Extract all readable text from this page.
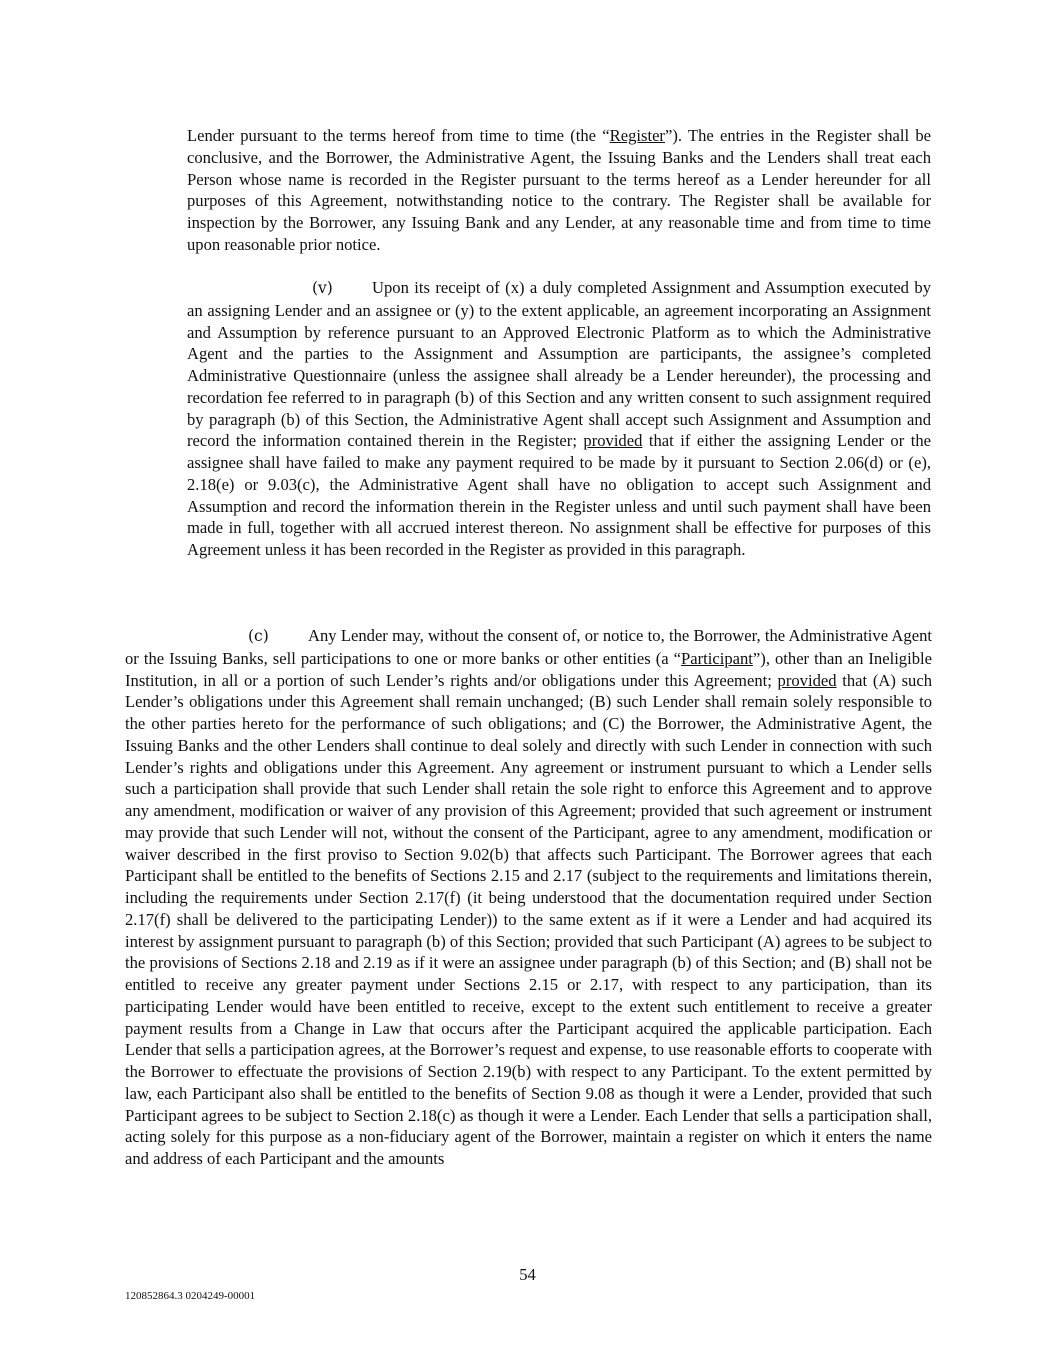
Lender pursuant to the terms hereof from time to time (the “Register”). The entries in the Register shall be conclusive, and the Borrower, the Administrative Agent, the Issuing Banks and the Lenders shall treat each Person whose name is recorded in the Register pursuant to the terms hereof as a Lender hereunder for all purposes of this Agreement, notwithstanding notice to the contrary. The Register shall be available for inspection by the Borrower, any Issuing Bank and any Lender, at any reasonable time and from time to time upon reasonable prior notice.

(v) Upon its receipt of (x) a duly completed Assignment and Assumption executed by an assigning Lender and an assignee or (y) to the extent applicable, an agreement incorporating an Assignment and Assumption by reference pursuant to an Approved Electronic Platform as to which the Administrative Agent and the parties to the Assignment and Assumption are participants, the assignee’s completed Administrative Questionnaire (unless the assignee shall already be a Lender hereunder), the processing and recordation fee referred to in paragraph (b) of this Section and any written consent to such assignment required by paragraph (b) of this Section, the Administrative Agent shall accept such Assignment and Assumption and record the information contained therein in the Register; provided that if either the assigning Lender or the assignee shall have failed to make any payment required to be made by it pursuant to Section 2.06(d) or (e), 2.18(e) or 9.03(c), the Administrative Agent shall have no obligation to accept such Assignment and Assumption and record the information therein in the Register unless and until such payment shall have been made in full, together with all accrued interest thereon. No assignment shall be effective for purposes of this Agreement unless it has been recorded in the Register as provided in this paragraph.

(c) Any Lender may, without the consent of, or notice to, the Borrower, the Administrative Agent or the Issuing Banks, sell participations to one or more banks or other entities (a “Participant”), other than an Ineligible Institution, in all or a portion of such Lender’s rights and/or obligations under this Agreement; provided that (A) such Lender’s obligations under this Agreement shall remain unchanged; (B) such Lender shall remain solely responsible to the other parties hereto for the performance of such obligations; and (C) the Borrower, the Administrative Agent, the Issuing Banks and the other Lenders shall continue to deal solely and directly with such Lender in connection with such Lender’s rights and obligations under this Agreement. Any agreement or instrument pursuant to which a Lender sells such a participation shall provide that such Lender shall retain the sole right to enforce this Agreement and to approve any amendment, modification or waiver of any provision of this Agreement; provided that such agreement or instrument may provide that such Lender will not, without the consent of the Participant, agree to any amendment, modification or waiver described in the first proviso to Section 9.02(b) that affects such Participant. The Borrower agrees that each Participant shall be entitled to the benefits of Sections 2.15 and 2.17 (subject to the requirements and limitations therein, including the requirements under Section 2.17(f) (it being understood that the documentation required under Section 2.17(f) shall be delivered to the participating Lender)) to the same extent as if it were a Lender and had acquired its interest by assignment pursuant to paragraph (b) of this Section; provided that such Participant (A) agrees to be subject to the provisions of Sections 2.18 and 2.19 as if it were an assignee under paragraph (b) of this Section; and (B) shall not be entitled to receive any greater payment under Sections 2.15 or 2.17, with respect to any participation, than its participating Lender would have been entitled to receive, except to the extent such entitlement to receive a greater payment results from a Change in Law that occurs after the Participant acquired the applicable participation. Each Lender that sells a participation agrees, at the Borrower’s request and expense, to use reasonable efforts to cooperate with the Borrower to effectuate the provisions of Section 2.19(b) with respect to any Participant. To the extent permitted by law, each Participant also shall be entitled to the benefits of Section 9.08 as though it were a Lender, provided that such Participant agrees to be subject to Section 2.18(c) as though it were a Lender. Each Lender that sells a participation shall, acting solely for this purpose as a non-fiduciary agent of the Borrower, maintain a register on which it enters the name and address of each Participant and the amounts

54
120852864.3 0204249-00001
